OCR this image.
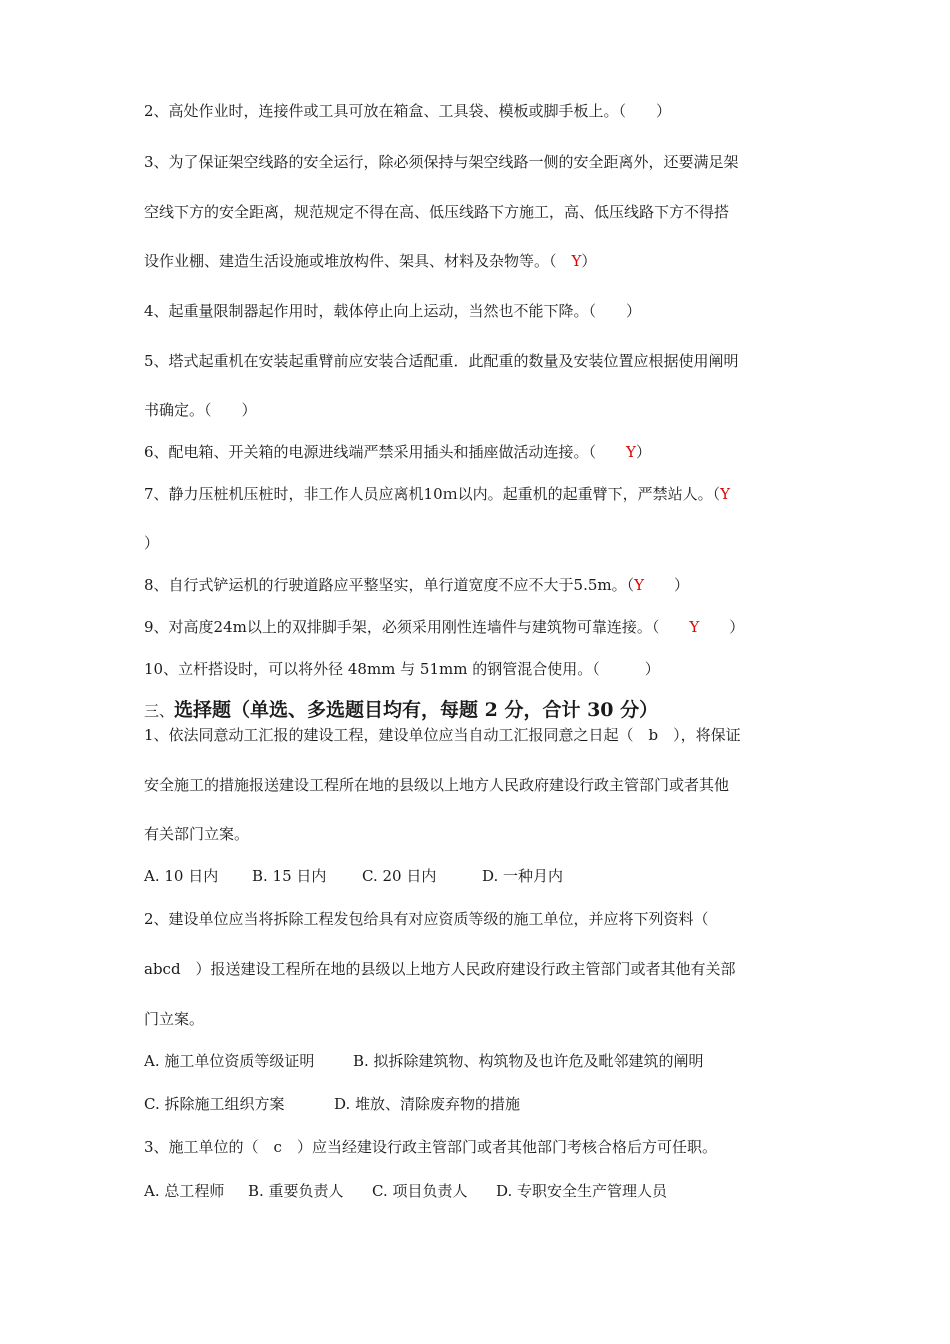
2、高处作业时，连接件或工具可放在箱盒、工具袋、模板或脚手板上。（　　）
3、为了保证架空线路的安全运行，除必须保持与架空线路一侧的安全距离外，还要满足架
空线下方的安全距离，规范规定不得在高、低压线路下方施工，高、低压线路下方不得搭
设作业棚、建造生活设施或堆放构件、架具、材料及杂物等。（　Y）
4、起重量限制器起作用时，载体停止向上运动，当然也不能下降。（　　）
5、塔式起重机在安装起重臂前应安装合适配重．此配重的数量及安装位置应根据使用阐明
书确定。（　　）
6、配电箱、开关箱的电源进线端严禁采用插头和插座做活动连接。（　　Y）
7、静力压桩机压桩时，非工作人员应离机10ｍ以内。起重机的起重臂下，严禁站人。（Y
）
8、自行式铲运机的行驶道路应平整坚实，单行道宽度不应不大于5.5m。（Y　　）
9、对高度24m以上的双排脚手架，必须采用刚性连墙件与建筑物可靠连接。（　　Y　　）
10、立杆搭设时，可以将外径 48mm 与 51mm 的钢管混合使用。（　　　）
三、选择题（单选、多选题目均有，每题 2 分，合计 30 分）
1、依法同意动工汇报的建设工程，建设单位应当自动工汇报同意之日起（　b　），将保证
安全施工的措施报送建设工程所在地的县级以上地方人民政府建设行政主管部门或者其他
有关部门立案。
A. 10 日内 B. 15 日内 C. 20 日内	D. 一种月内
2、建设单位应当将拆除工程发包给具有对应资质等级的施工单位，并应将下列资料（
abcd　）报送建设工程所在地的县级以上地方人民政府建设行政主管部门或者其他有关部
门立案。
A. 施工单位资质等级证明	B. 拟拆除建筑物、构筑物及也许危及毗邻建筑的阐明
C. 拆除施工组织方案	D. 堆放、清除废弃物的措施
3、施工单位的（　c　）应当经建设行政主管部门或者其他部门考核合格后方可任职。
A. 总工程师 B. 重要负责人 C. 项目负责人 D. 专职安全生产管理人员
